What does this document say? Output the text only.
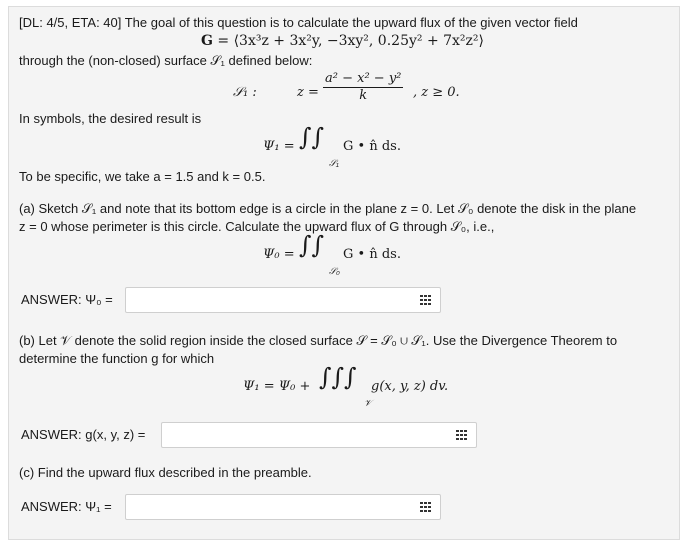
[DL: 4/5, ETA: 40] The goal of this question is to calculate the upward flux of the given vector field
G = ⟨3x³z + 3x²y, −3xy², 0.25y² + 7x²z²⟩
through the (non-closed) surface 𝒮₁ defined below:
𝒮₁ :	$z = \frac{\text{a² − x² − y²}}{k}$ , z ≥ 0.
In symbols, the desired result is
Ψ₁ = ∫∫
𝒮₁
G • n̂ ds.
To be specific, we take a = 1.5 and k = 0.5.
(a) Sketch 𝒮₁ and note that its bottom edge is a circle in the plane z = 0. Let 𝒮₀ denote the disk in the plane
z = 0 whose perimeter is this circle. Calculate the upward flux of G through 𝒮₀, i.e.,
Ψ₀ = ∫∫
𝒮₀
G • n̂ ds.
ANSWER: Ψ₀ =
(b) Let 𝒱 denote the solid region inside the closed surface 𝒮 = 𝒮₀ ∪ 𝒮₁. Use the Divergence Theorem to
determine the function g for which
Ψ₁ = Ψ₀ + ∫∫∫
𝒱
g(x, y, z) dv.
ANSWER: g(x, y, z) =
(c) Find the upward flux described in the preamble.
ANSWER: Ψ₁ =
